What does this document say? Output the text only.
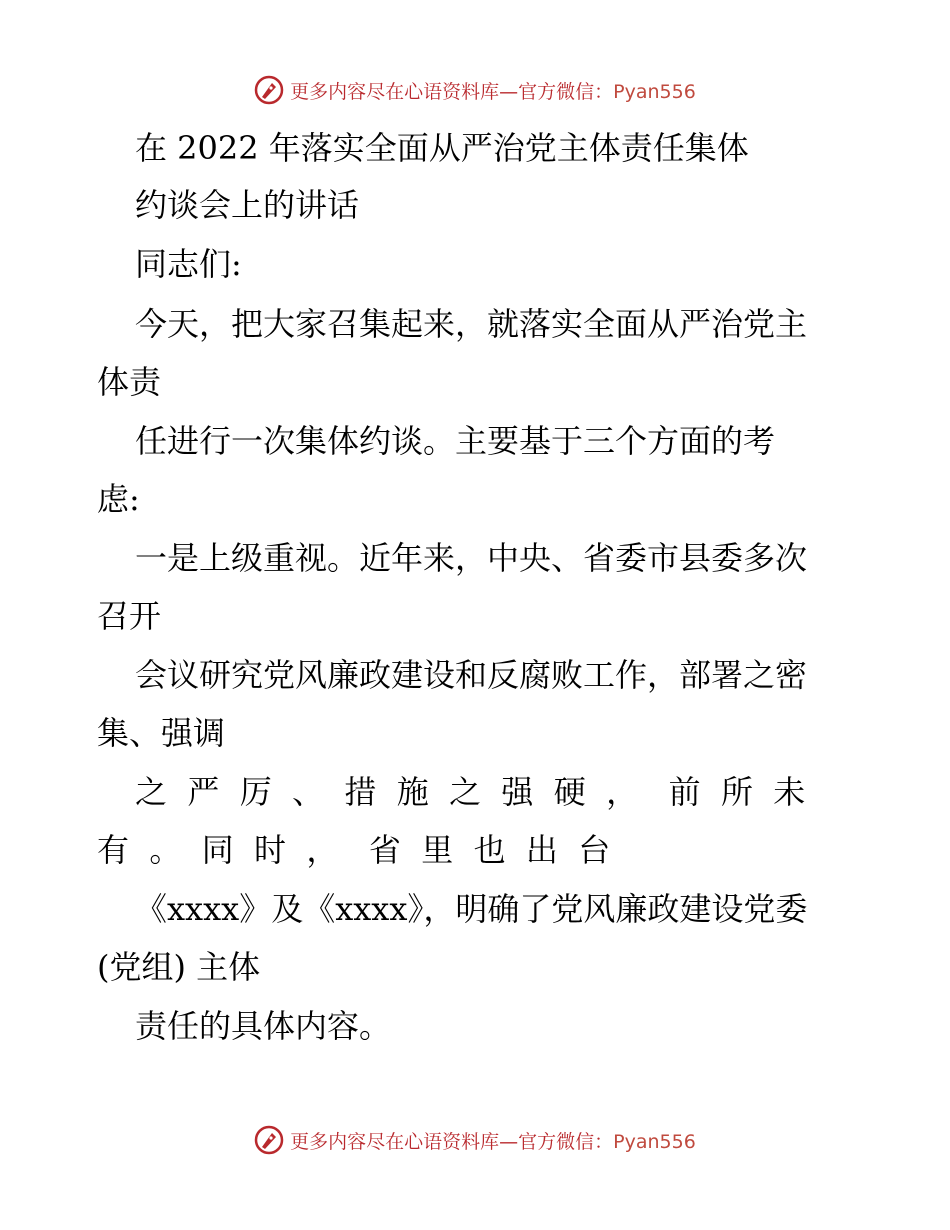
更多内容尽在心语资料库—官方微信：Pyan556
在 2022 年落实全面从严治党主体责任集体
约谈会上的讲话
同志们:
今天，把大家召集起来，就落实全面从严治党主
体责
任进行一次集体约谈。主要基于三个方面的考
虑:
一是上级重视。近年来，中央、省委市县委多次
召开
会议研究党风廉政建设和反腐败工作，部署之密
集、强调
之  严  厉  、  措  施  之  强  硬  ，   前  所  未
有  。  同  时  ，   省  里  也  出  台
《xxxx》及《xxxx》，明确了党风廉政建设党委
(党组) 主体
责任的具体内容。
更多内容尽在心语资料库—官方微信：Pyan556
